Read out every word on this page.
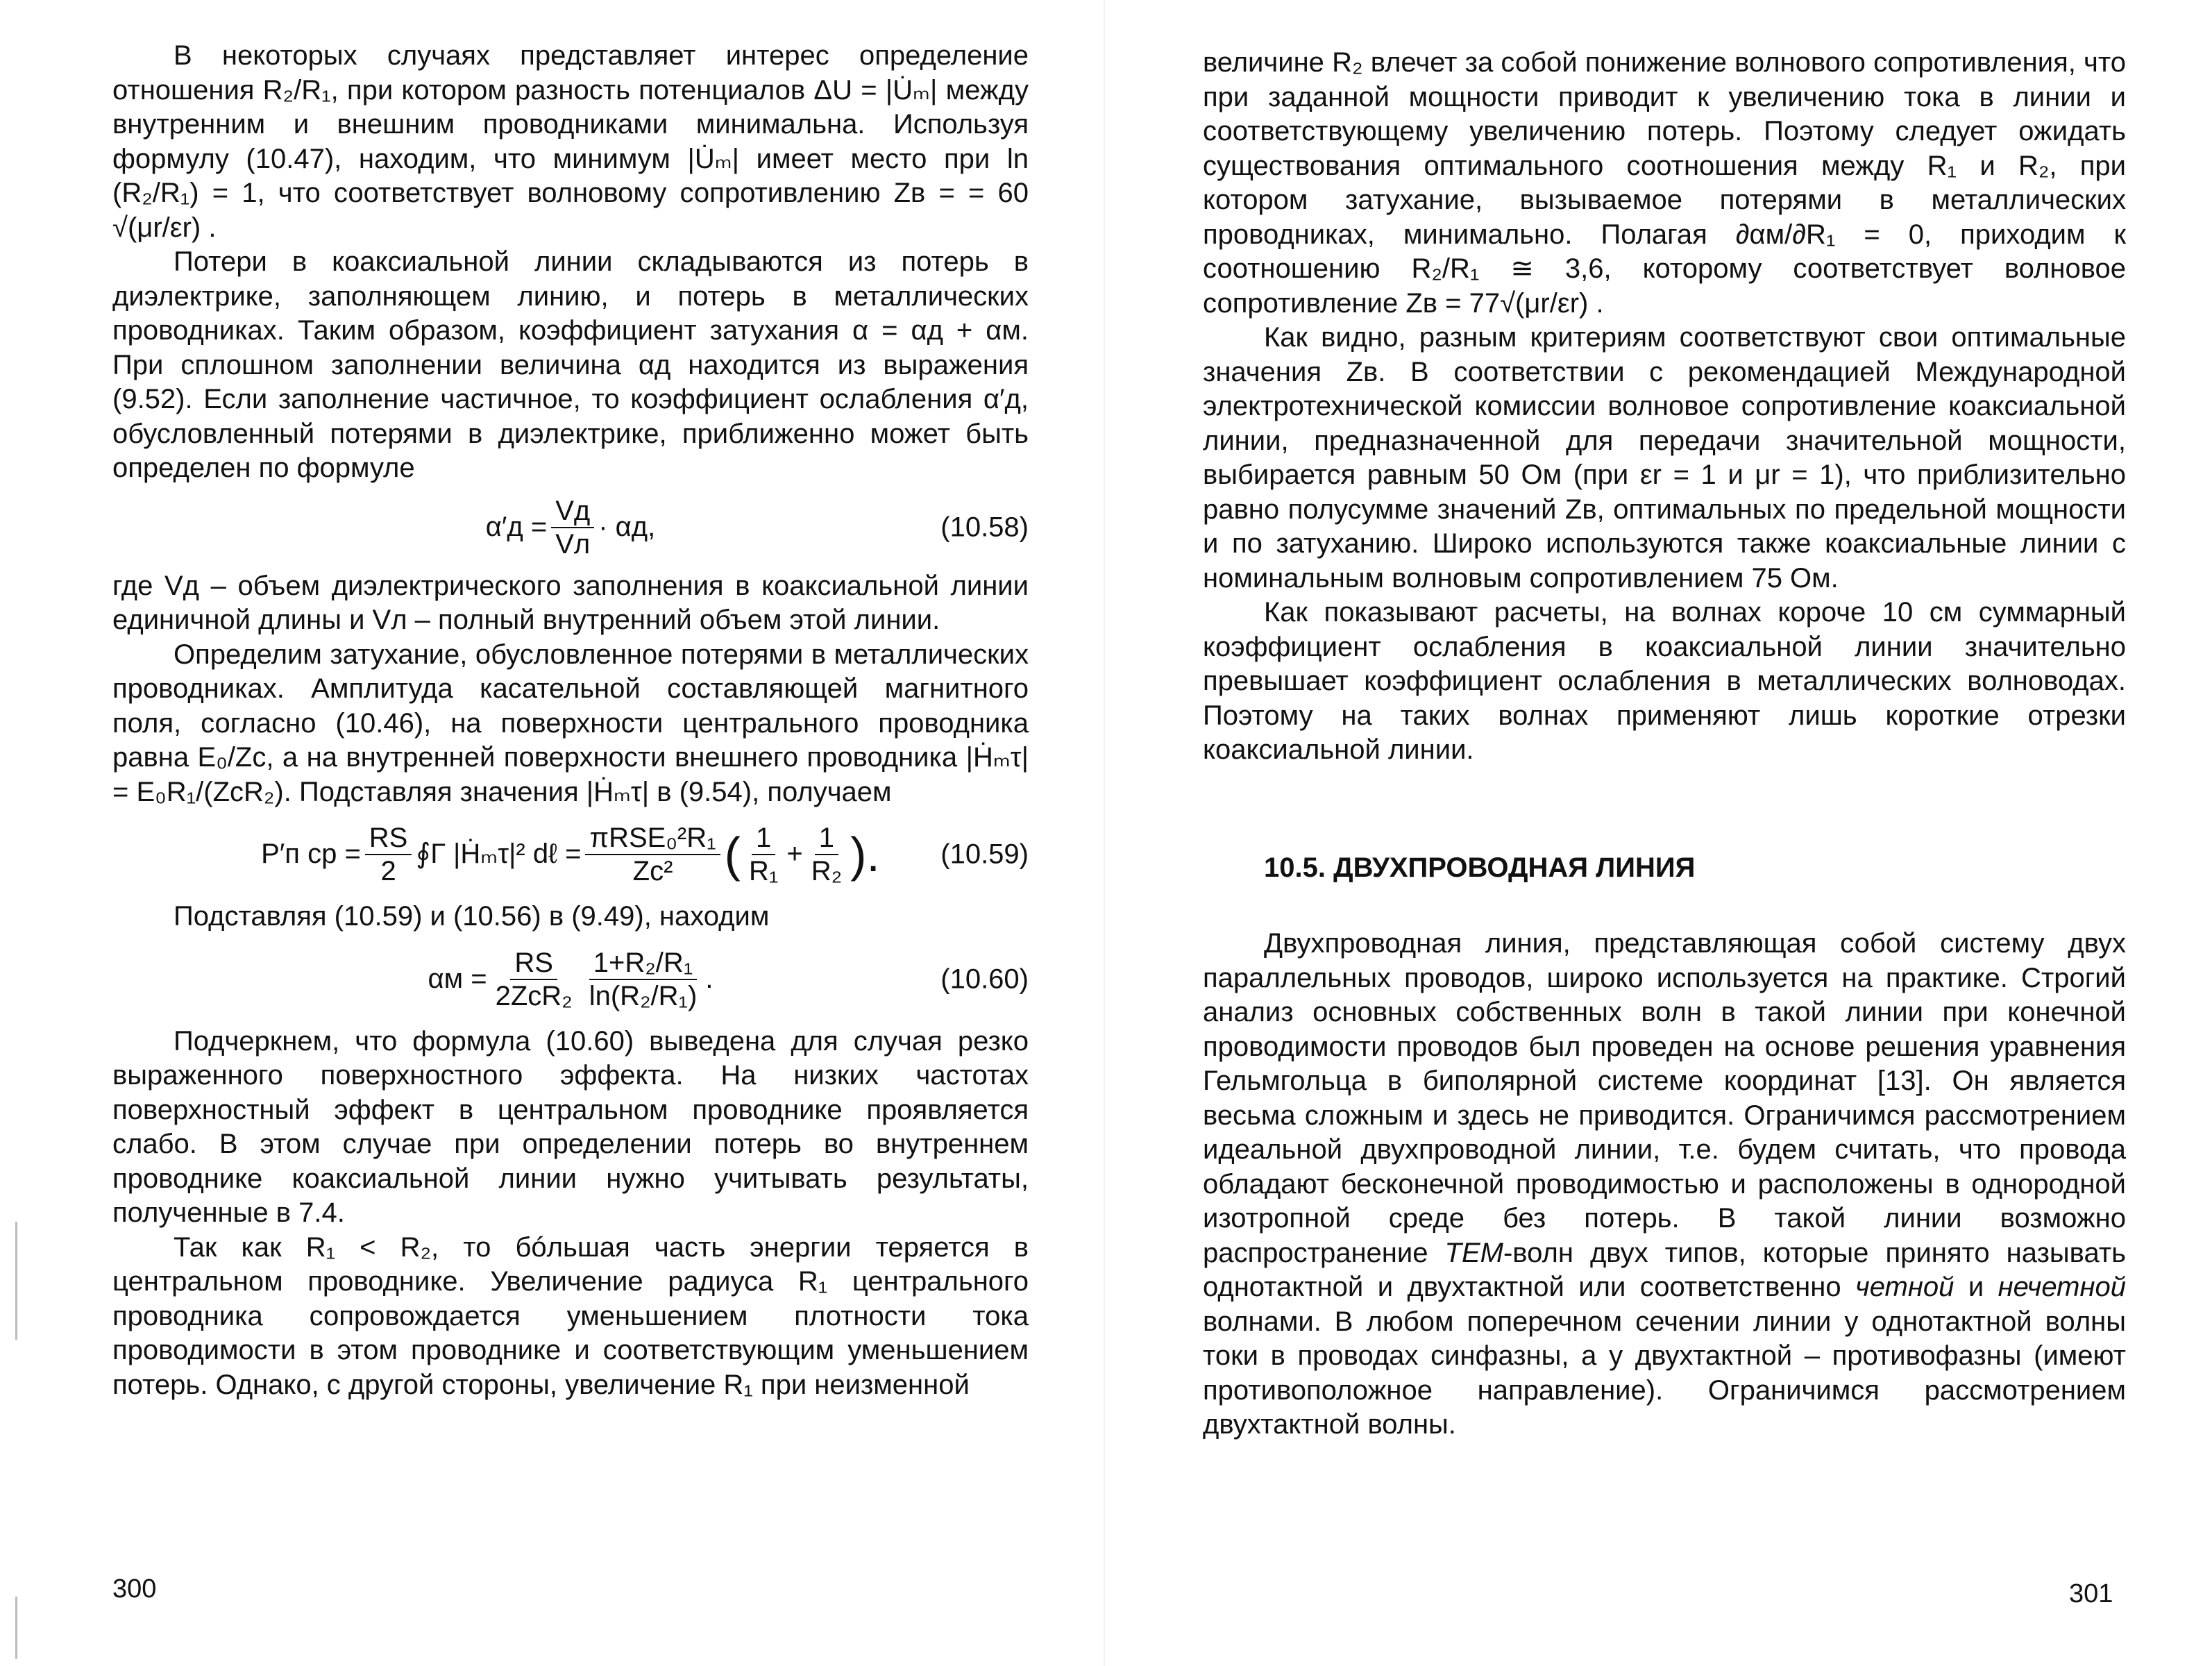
В некоторых случаях представляет интерес определение отношения R₂/R₁, при котором разность потенциалов ΔU = |U̇ₘ| между внутренним и внешним проводниками минимальна. Используя формулу (10.47), находим, что минимум |U̇ₘ| имеет место при ln (R₂/R₁) = 1, что соответствует волновому сопротивлению Zв = = 60 √(μr/εr) .

Потери в коаксиальной линии складываются из потерь в диэлектрике, заполняющем линию, и потерь в металлических проводниках. Таким образом, коэффициент затухания α = αд + αм. При сплошном заполнении величина αд находится из выражения (9.52). Если заполнение частичное, то коэффициент ослабления α′д, обусловленный потерями в диэлектрике, приближенно может быть определен по формуле

$\alpha'д = \frac{Vд}{Vл} \cdot \alpha д$,	(10.58)

где Vд – объем диэлектрического заполнения в коаксиальной линии единичной длины и Vл – полный внутренний объем этой линии.

Определим затухание, обусловленное потерями в металлических проводниках. Амплитуда касательной составляющей магнитного поля, согласно (10.46), на поверхности центрального проводника равна E₀/Zc, а на внутренней поверхности внешнего проводника |Ḣₘτ| = E₀R₁/(ZcR₂). Подставляя значения |Ḣₘτ| в (9.54), получаем

P′п ср = $\frac{RS}{2}$ ∮Г |Ḣₘτ|² dℓ = $\frac{\text{πRSE₀²R₁}}{\text{Zc²}}$ ( $\frac{1}{\text{R₁}} + \frac{1}{\text{R₂}}$ ). (10.59)

Подставляя (10.59) и (10.56) в (9.49), находим

$\alpha м = \frac{RS}{\text{2ZcR₂}} \frac{\text{1+R₂/R₁}}{\text{ln(R₂/R₁)}}$ .	(10.60)

Подчеркнем, что формула (10.60) выведена для случая резко выраженного поверхностного эффекта. На низких частотах поверхностный эффект в центральном проводнике проявляется слабо. В этом случае при определении потерь во внутреннем проводнике коаксиальной линии нужно учитывать результаты, полученные в 7.4.

Так как R₁ < R₂, то бóльшая часть энергии теряется в центральном проводнике. Увеличение радиуса R₁ центрального проводника сопровождается уменьшением плотности тока проводимости в этом проводнике и соответствующим уменьшением потерь. Однако, с другой стороны, увеличение R₁ при неизменной

300

величине R₂ влечет за собой понижение волнового сопротивления, что при заданной мощности приводит к увеличению тока в линии и соответствующему увеличению потерь. Поэтому следует ожидать существования оптимального соотношения между R₁ и R₂, при котором затухание, вызываемое потерями в металлических проводниках, минимально. Полагая ∂αм/∂R₁ = 0, приходим к соотношению R₂/R₁ ≅ 3,6, которому соответствует волновое сопротивление Zв = 77√(μr/εr) .

Как видно, разным критериям соответствуют свои оптимальные значения Zв. В соответствии с рекомендацией Международной электротехнической комиссии волновое сопротивление коаксиальной линии, предназначенной для передачи значительной мощности, выбирается равным 50 Ом (при εr = 1 и μr = 1), что приблизительно равно полусумме значений Zв, оптимальных по предельной мощности и по затуханию. Широко используются также коаксиальные линии с номинальным волновым сопротивлением 75 Ом.

Как показывают расчеты, на волнах короче 10 см суммарный коэффициент ослабления в коаксиальной линии значительно превышает коэффициент ослабления в металлических волноводах. Поэтому на таких волнах применяют лишь короткие отрезки коаксиальной линии.

10.5. ДВУХПРОВОДНАЯ ЛИНИЯ

Двухпроводная линия, представляющая собой систему двух параллельных проводов, широко используется на практике. Строгий анализ основных собственных волн в такой линии при конечной проводимости проводов был проведен на основе решения уравнения Гельмгольца в биполярной системе координат [13]. Он является весьма сложным и здесь не приводится. Ограничимся рассмотрением идеальной двухпроводной линии, т.е. будем считать, что провода обладают бесконечной проводимостью и расположены в однородной изотропной среде без потерь. В такой линии возможно распространение TEM-волн двух типов, которые принято называть однотактной и двухтактной или соответственно четной и нечетной волнами. В любом поперечном сечении линии у однотактной волны токи в проводах синфазны, а у двухтактной – противофазны (имеют противоположное направление). Ограничимся рассмотрением двухтактной волны.

301
